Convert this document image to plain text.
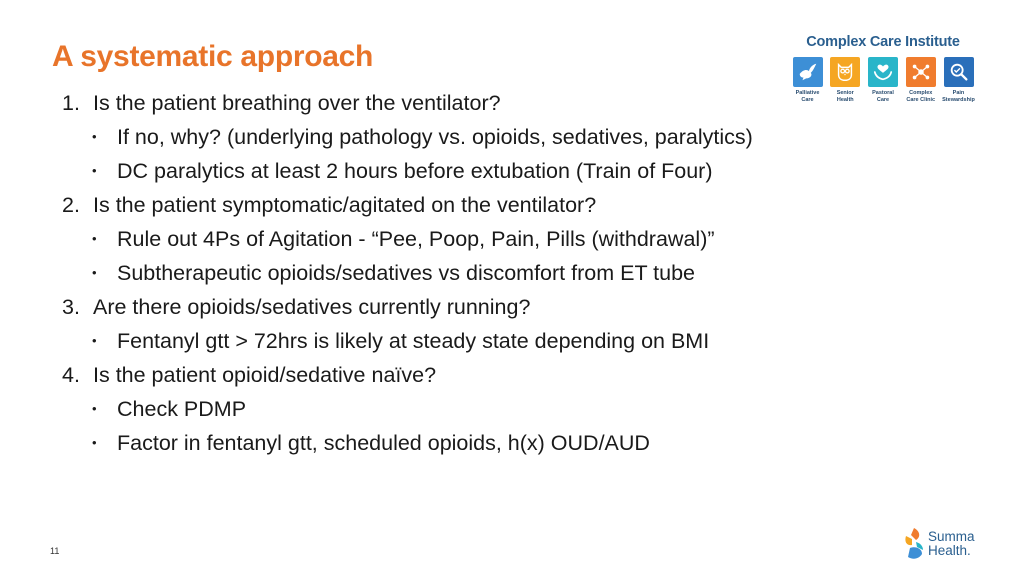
A systematic approach
1. Is the patient breathing over the ventilator?
• If no, why? (underlying pathology vs. opioids, sedatives, paralytics)
• DC paralytics at least 2 hours before extubation (Train of Four)
2. Is the patient symptomatic/agitated on the ventilator?
• Rule out 4Ps of Agitation - “Pee, Poop, Pain, Pills (withdrawal)”
• Subtherapeutic opioids/sedatives vs discomfort from ET tube
3. Are there opioids/sedatives currently running?
• Fentanyl gtt > 72hrs is likely at steady state depending on BMI
4. Is the patient opioid/sedative naïve?
• Check PDMP
• Factor in fentanyl gtt, scheduled opioids, h(x) OUD/AUD
Complex Care Institute
Palliative
Care
Senior
Health
Pastoral
Care
Complex
Care Clinic
Pain
Stewardship
11
Summa
Health.
